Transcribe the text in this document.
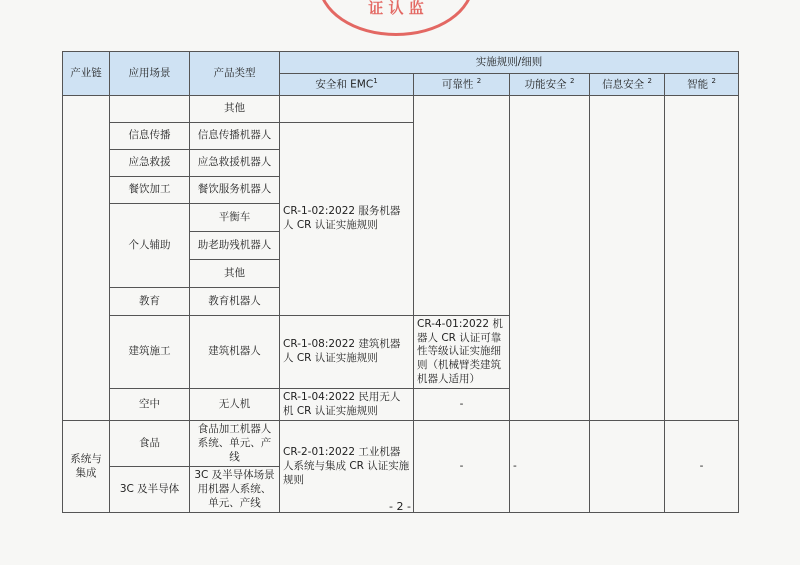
证 认 监
产业链	应用场景	产品类型	实施规则/细则				
			安全和 EMC$^1$	可靠性 $^2$	功能安全 $^2$	信息安全 $^2$	智能 $^2$
		其他					
	信息传播	信息传播机器人	CR-1-02:2022 服务机器人 CR 认证实施规则				
	应急救援	应急救援机器人					
	餐饮加工	餐饮服务机器人					
	个人辅助	平衡车					
		助老助残机器人					
		其他					
	教育	教育机器人					

	建筑施工	建筑机器人	CR-1-08:2022 建筑机器人 CR 认证实施规则	CR-4-01:2022 机器人 CR 认证可靠性等级认证实施细则（机械臂类建筑机器人适用）			
	空中	无人机	CR-1-04:2022 民用无人机 CR 认证实施规则	-			

系统与集成	食品	食品加工机器人系统、单元、产线	CR-2-01:2022 工业机器人系统与集成 CR 认证实施规则	-	-		-
	3C 及半导体	3C 及半导体场景用机器人系统、单元、产线						- 2 -
